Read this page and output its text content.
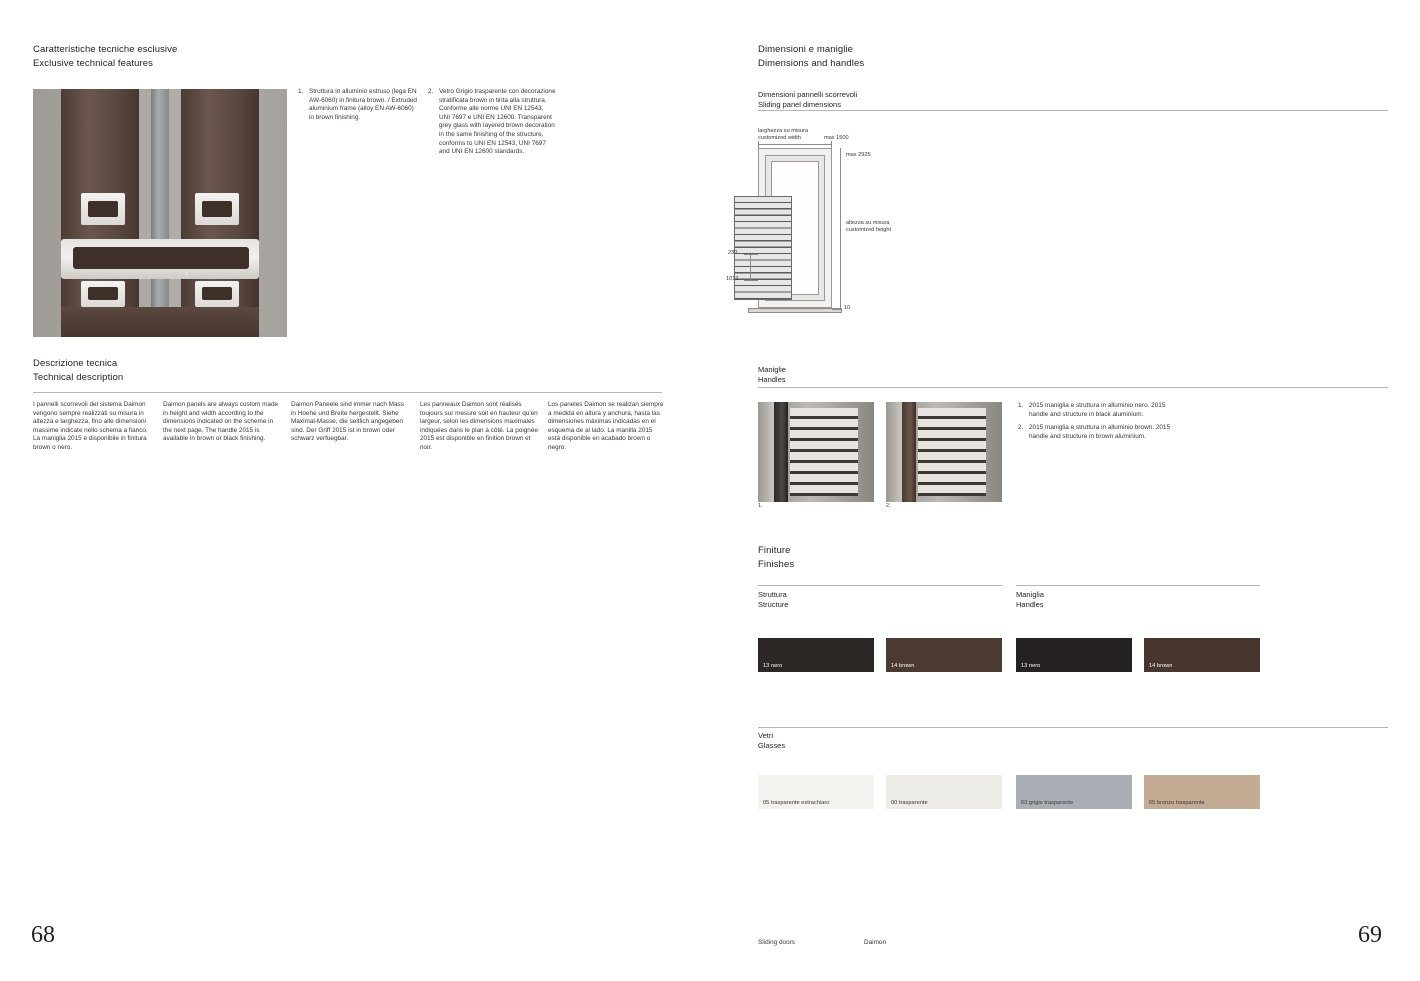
Caratteristiche tecniche esclusive
Exclusive technical features
2.
1.
1. Struttura in alluminio estruso (lega EN AW-6060) in finitura brown. / Extruded aluminium frame (alloy EN AW-6060) in brown finishing.
2. Vetro Grigio trasparente con decorazione stratificata brown in tinta alla struttura. Conforme alle norme UNI EN 12543, UNI 7697 e UNI EN 12600. Transparent grey glass with layered brown decoration in the same finishing of the structure, conforms to UNI EN 12543, UNI 7697 and UNI EN 12600 standards.
Descrizione tecnica
Technical description
I pannelli scorrevoli del sistema Daimon vengono sempre realizzati su misura in altezza e larghezza, fino alle dimensioni massime indicate nello schema a fianco. La maniglia 2015 è disponibile in finitura brown o nero.
Daimon panels are always custom made in height and width according to the dimensions indicated on the scheme in the next page. The handle 2015 is available in brown or black finishing.
Daimon Paneele sind immer nach Mass in Hoehe und Breite hergestellt. Siehe Maximal-Masse, die seitlich angegeben sind. Der Griff 2015 ist in brown oder schwarz verfuegbar.
Les panneaux Daimon sont réalisés toujours sur mesure soit en hauteur qu'en largeur, selon les dimensions maximales indiquées dans le plan à côté. La poignée 2015 est disponible en finition brown et noir.
Los paneles Daimon se realizan siempre a medida en altura y anchura, hasta las dimensiones máximas indicadas en el esquema de al lado. La manilla 2015 está disponible en acabado brown o negro.
68
Dimensioni e maniglie
Dimensions and handles
Dimensioni pannelli scorrevoli
Sliding panel dimensions
larghezza su misura
customized width	max 1500
max 2925
altezza su misura
customized height
230
1012
10
Maniglie
Handles
1.	2.
1. 2015 maniglia e struttura in alluminio nero. 2015 handle and structure in black aluminium.
2. 2015 maniglia e struttura in alluminio brown. 2015 handle and structure in brown aluminium.
Finiture
Finishes
Struttura
Structure
Maniglia
Handles
13 nero	14 brown	13 nero	14 brown
Vetri
Glasses
05 trasparente extrachiaro	00 trasparente	63 grigio trasparente	65 bronzo trasparente
Sliding doors	Daimon	69
